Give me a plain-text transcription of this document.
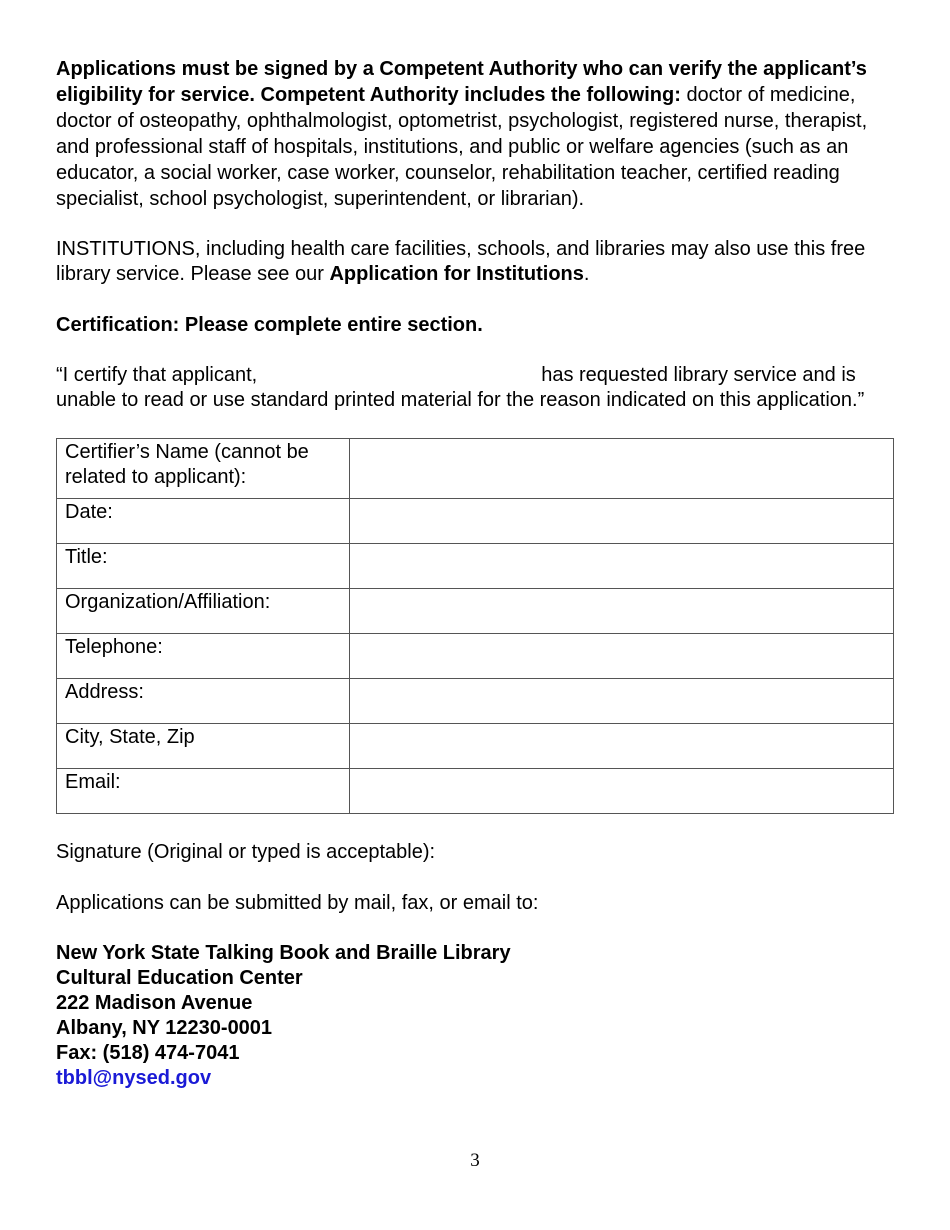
Applications must be signed by a Competent Authority who can verify the applicant’s eligibility for service. Competent Authority includes the following: doctor of medicine, doctor of osteopathy, ophthalmologist, optometrist, psychologist, registered nurse, therapist, and professional staff of hospitals, institutions, and public or welfare agencies (such as an educator, a social worker, case worker, counselor, rehabilitation teacher, certified reading specialist, school psychologist, superintendent, or librarian).

INSTITUTIONS, including health care facilities, schools, and libraries may also use this free library service. Please see our Application for Institutions.

Certification: Please complete entire section.

“I certify that applicant,	has requested library service and is unable to read or use standard printed material for the reason indicated on this application.”

Certifier’s Name (cannot be related to applicant):	
Date:	
Title:	
Organization/Affiliation:	
Telephone:	
Address:	
City, State, Zip	
Email:	

Signature (Original or typed is acceptable):

Applications can be submitted by mail, fax, or email to:

New York State Talking Book and Braille Library
Cultural Education Center
222 Madison Avenue
Albany, NY 12230-0001
Fax: (518) 474-7041
tbbl@nysed.gov
3
